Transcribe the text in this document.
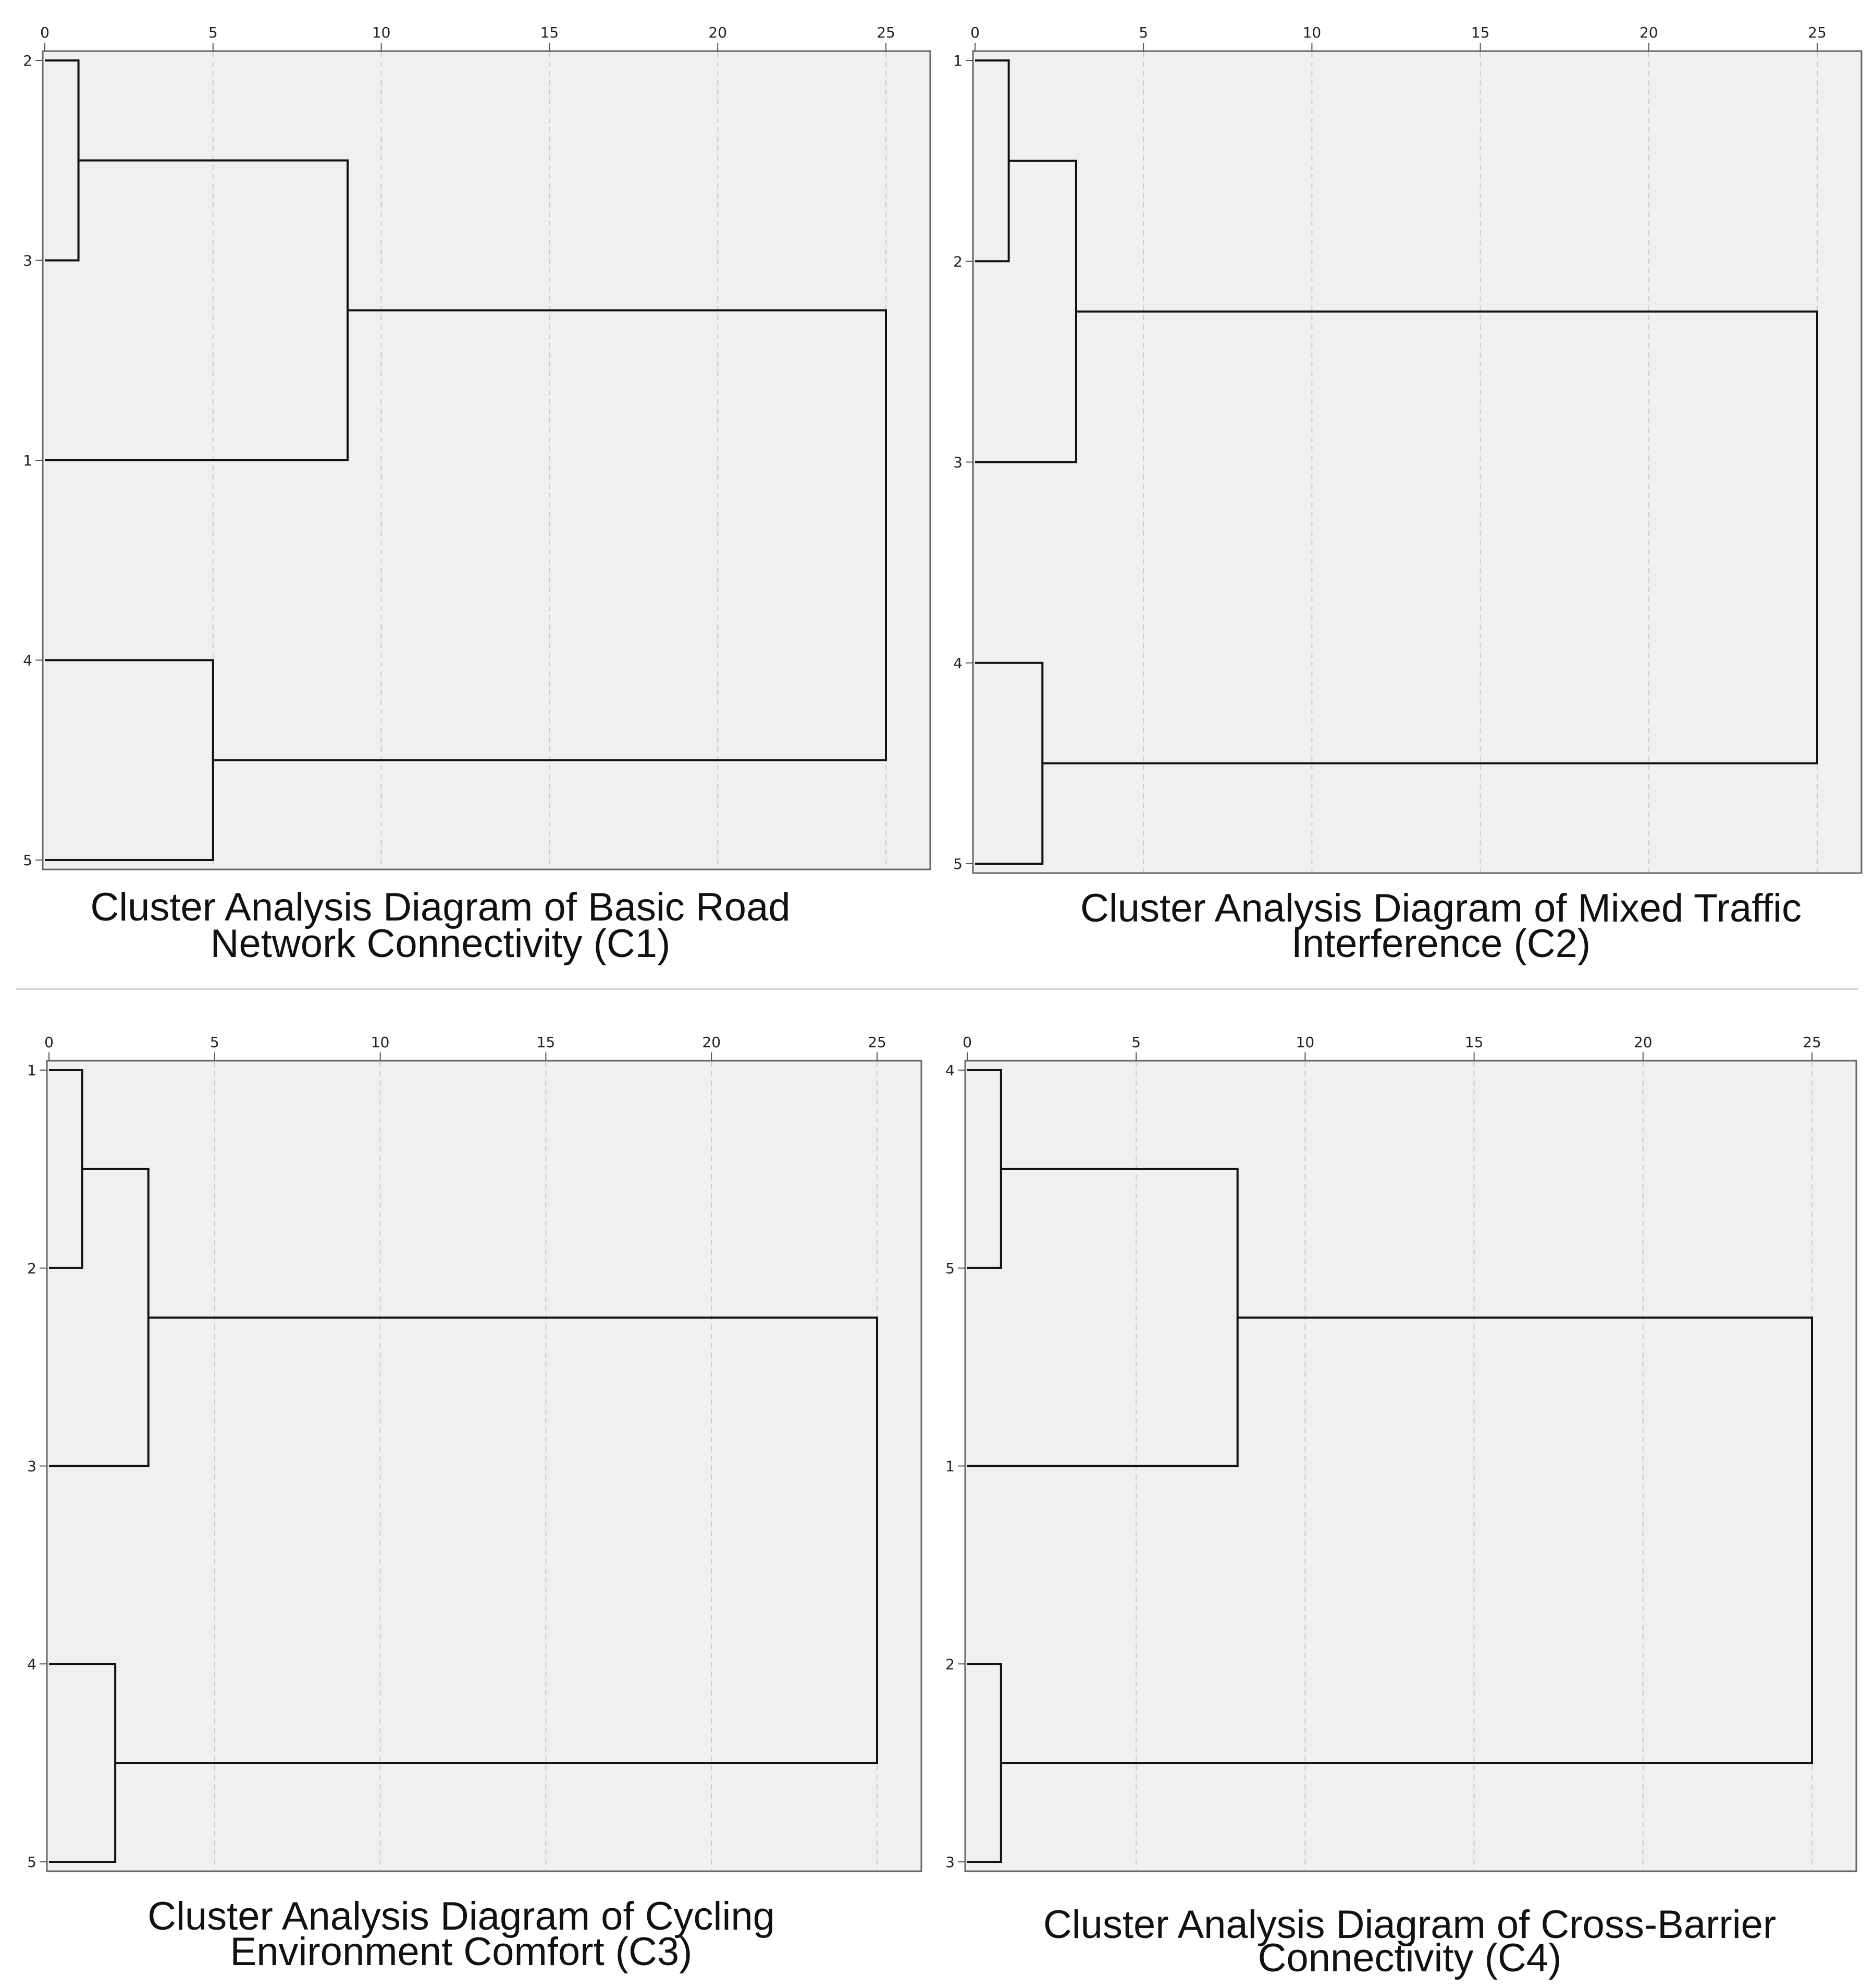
0	5	10	15	20	25
2
3
1
4
5
Cluster Analysis Diagram of Basic Road
Network Connectivity (C1)
0	5	10	15	20	25
1
2
3
4
5
Cluster Analysis Diagram of Mixed Traffic
Interference (C2)
0	5	10	15	20	25
1
2
3
4
5
Cluster Analysis Diagram of Cycling
Environment Comfort (C3)
0	5	10	15	20	25
4
5
1
2
3
Cluster Analysis Diagram of Cross-Barrier
Connectivity (C4)
